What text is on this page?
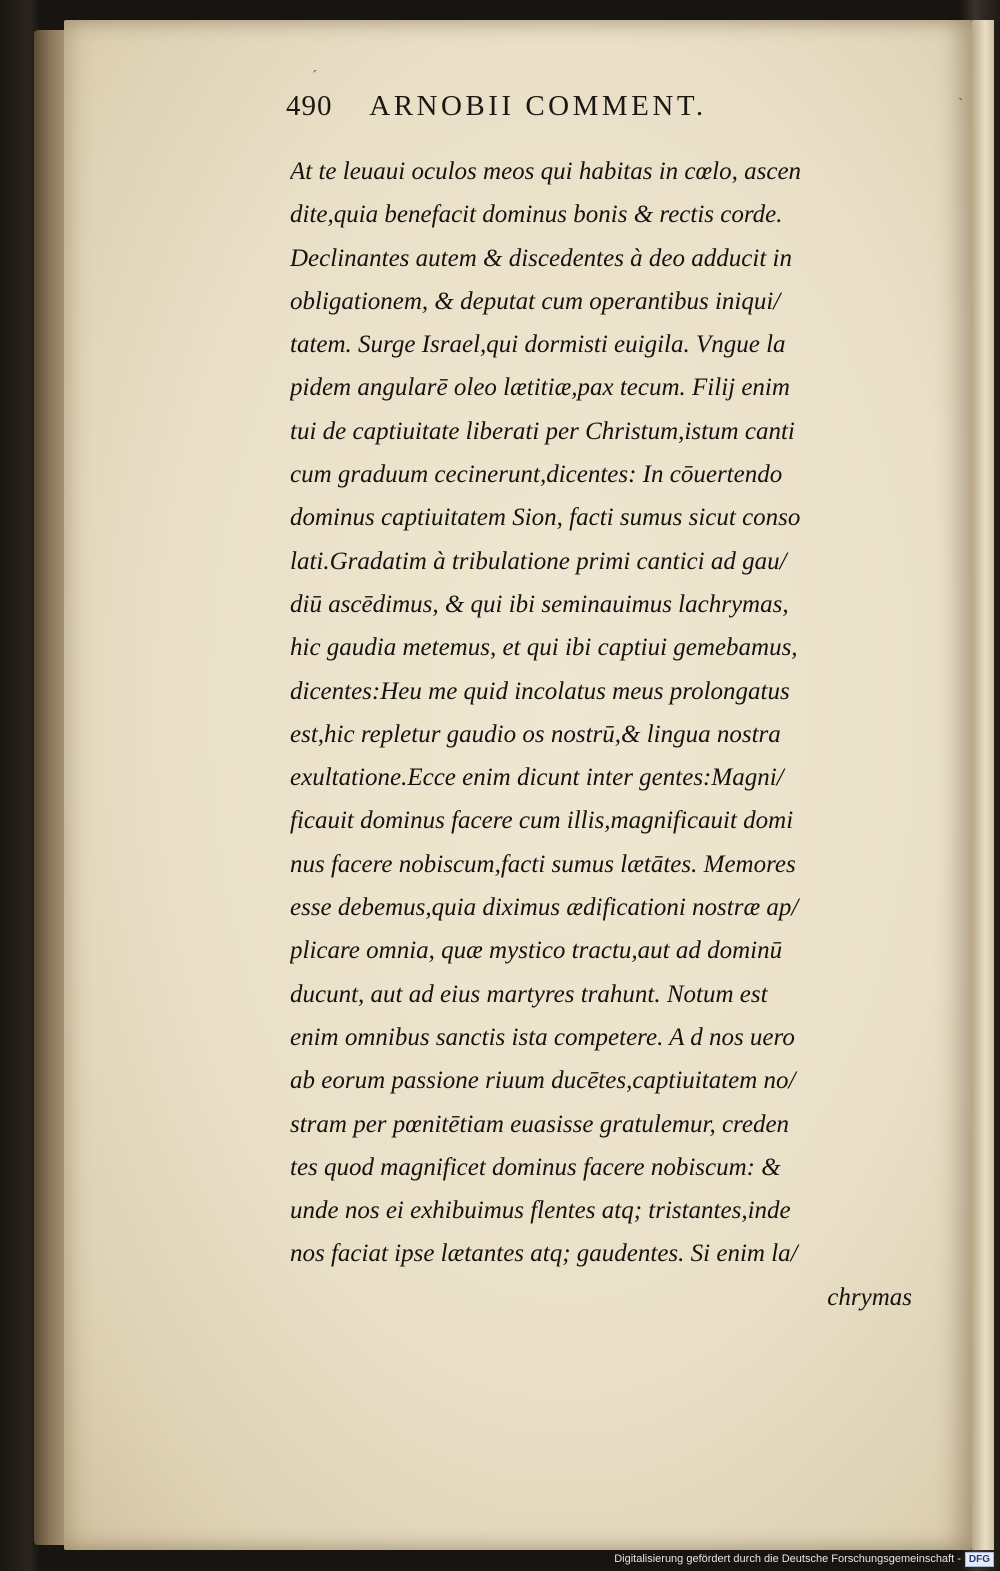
ˊ
ˋ
490 ARNOBII COMMENT.
At te leuaui oculos meos qui habitas in cœlo, ascen
dite,quia benefacit dominus bonis & rectis corde.
Declinantes autem & discedentes à deo adducit in
obligationem, & deputat cum operantibus iniqui/
tatem. Surge Israel,qui dormisti euigila. Vngue la
pidem angularē oleo lætitiæ,pax tecum. Filij enim
tui de captiuitate liberati per Christum,istum canti
cum graduum cecinerunt,dicentes: In cōuertendo
dominus captiuitatem Sion, facti sumus sicut conso
lati.Gradatim à tribulatione primi cantici ad gau/
diū ascēdimus, & qui ibi seminauimus lachrymas,
hic gaudia metemus, et qui ibi captiui gemebamus,
dicentes:Heu me quid incolatus meus prolongatus
est,hic repletur gaudio os nostrū,& lingua nostra
exultatione.Ecce enim dicunt inter gentes:Magni/
ficauit dominus facere cum illis,magnificauit domi
nus facere nobiscum,facti sumus lætātes. Memores
esse debemus,quia diximus ædificationi nostræ ap/
plicare omnia, quæ mystico tractu,aut ad dominū
ducunt, aut ad eius martyres trahunt. Notum est
enim omnibus sanctis ista competere. A d nos uero
ab eorum passione riuum ducētes,captiuitatem no/
stram per pœnitētiam euasisse gratulemur, creden
tes quod magnificet dominus facere nobiscum: &
unde nos ei exhibuimus flentes atq; tristantes,inde
nos faciat ipse lætantes atq; gaudentes. Si enim la/
chrymas
Digitalisierung gefördert durch die Deutsche Forschungsgemeinschaft - DFG
